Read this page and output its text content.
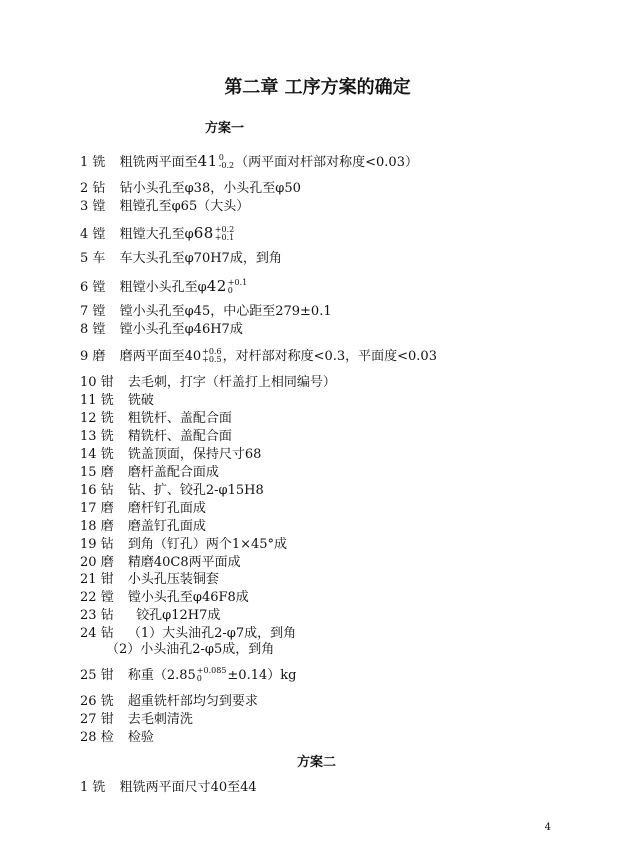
第二章 工序方案的确定
方案一
1 铣 粗铣两平面至41 0
-0.2 （两平面对杆部对称度<0.03）
2 钻 钻小头孔至φ38，小头孔至φ50
3 镗 粗镗孔至φ65（大头）
4 镗 粗镗大孔至φ68 +0.2
+0.1
5 车 车大头孔至φ70H7成，到角
6 镗 粗镗小头孔至φ42 +0.1
0
7 镗 镗小头孔至φ45，中心距至279±0.1
8 镗 镗小头孔至φ46H7成
9 磨 磨两平面至40 +0.6
+0.5 ，对杆部对称度<0.3，平面度<0.03
10 钳 去毛刺，打字（杆盖打上相同编号）
11 铣 铣破
12 铣 粗铣杆、盖配合面
13 铣 精铣杆、盖配合面
14 铣 铣盖顶面，保持尺寸68
15 磨 磨杆盖配合面成
16 钻 钻、扩、铰孔2-φ15H8
17 磨 磨杆钉孔面成
18 磨 磨盖钉孔面成
19 钻 到角（钉孔）两个1×45°成
20 磨 精磨40C8两平面成
21 钳 小头孔压装铜套
22 镗 镗小头孔至φ46F8成
23 钻   铰孔φ12H7成
24 钻 （1）大头油孔2-φ7成，到角
（2）小头油孔2-φ5成，到角
25 钳 称重（2.85 +0.085
0	±0.14）kg
26 铣 超重铣杆部均匀到要求
27 钳 去毛刺清洗
28 检 检验
方案二
1 铣 粗铣两平面尺寸40至44
4
